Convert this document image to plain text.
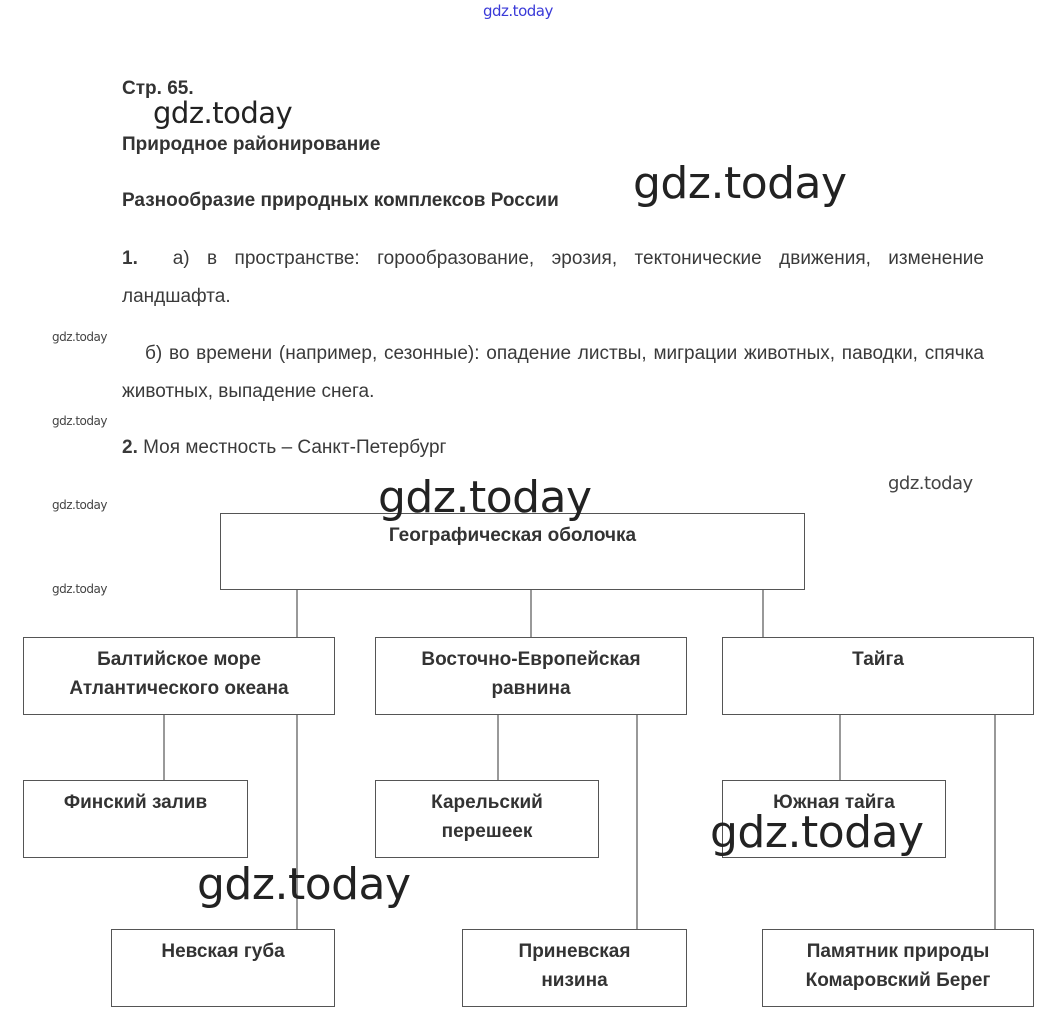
gdz.today
Стр. 65.
Природное районирование
Разнообразие природных комплексов России
1. а) в пространстве: горообразование, эрозия, тектонические движения, изменение ландшафта.
б) во времени (например, сезонные): опадение листвы, миграции животных, паводки, спячка животных, выпадение снега.
2. Моя местность – Санкт-Петербург
Географическая оболочка
Балтийское море
Атлантического океана
Восточно-Европейская
равнина
Тайга
Финский залив	Карельский
перешеек
Южная тайга
Невская губа	Приневская
низина
Памятник природы
Комаровский Берег
gdz.today
gdz.today
gdz.today
gdz.today
gdz.today
gdz.today
gdz.today
gdz.today
gdz.today
gdz.today
